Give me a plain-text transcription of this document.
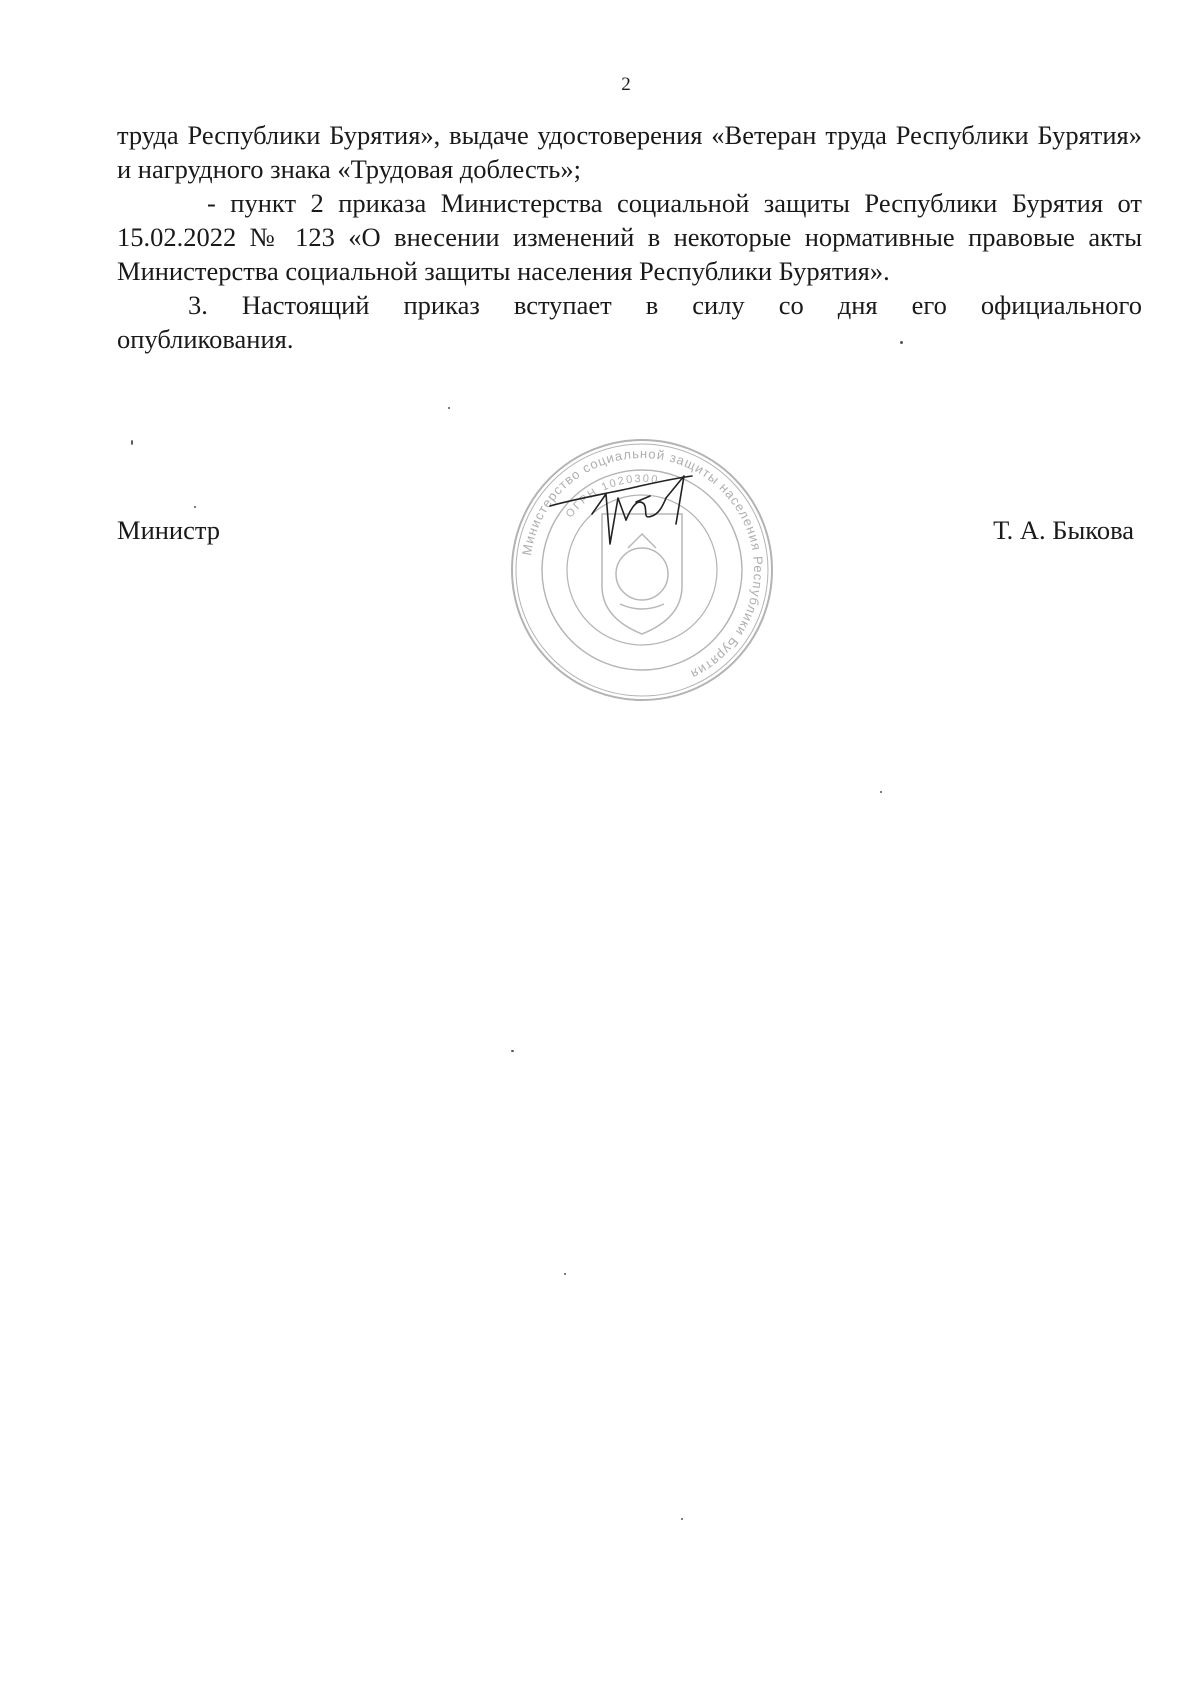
2

труда Республики Бурятия», выдаче удостоверения «Ветеран труда Республики Бурятия» и нагрудного знака «Трудовая доблесть»;

- пункт 2 приказа Министерства социальной защиты Республики Бурятия от 15.02.2022 № 123 «О внесении изменений в некоторые нормативные правовые акты Министерства социальной защиты населения Республики Бурятия».

3. Настоящий приказ вступает в силу со дня его официального опубликования.

Министр	Т. А. Быкова
Министерство социальной защиты населения Республики Бурятия
ОГРН 1020300
